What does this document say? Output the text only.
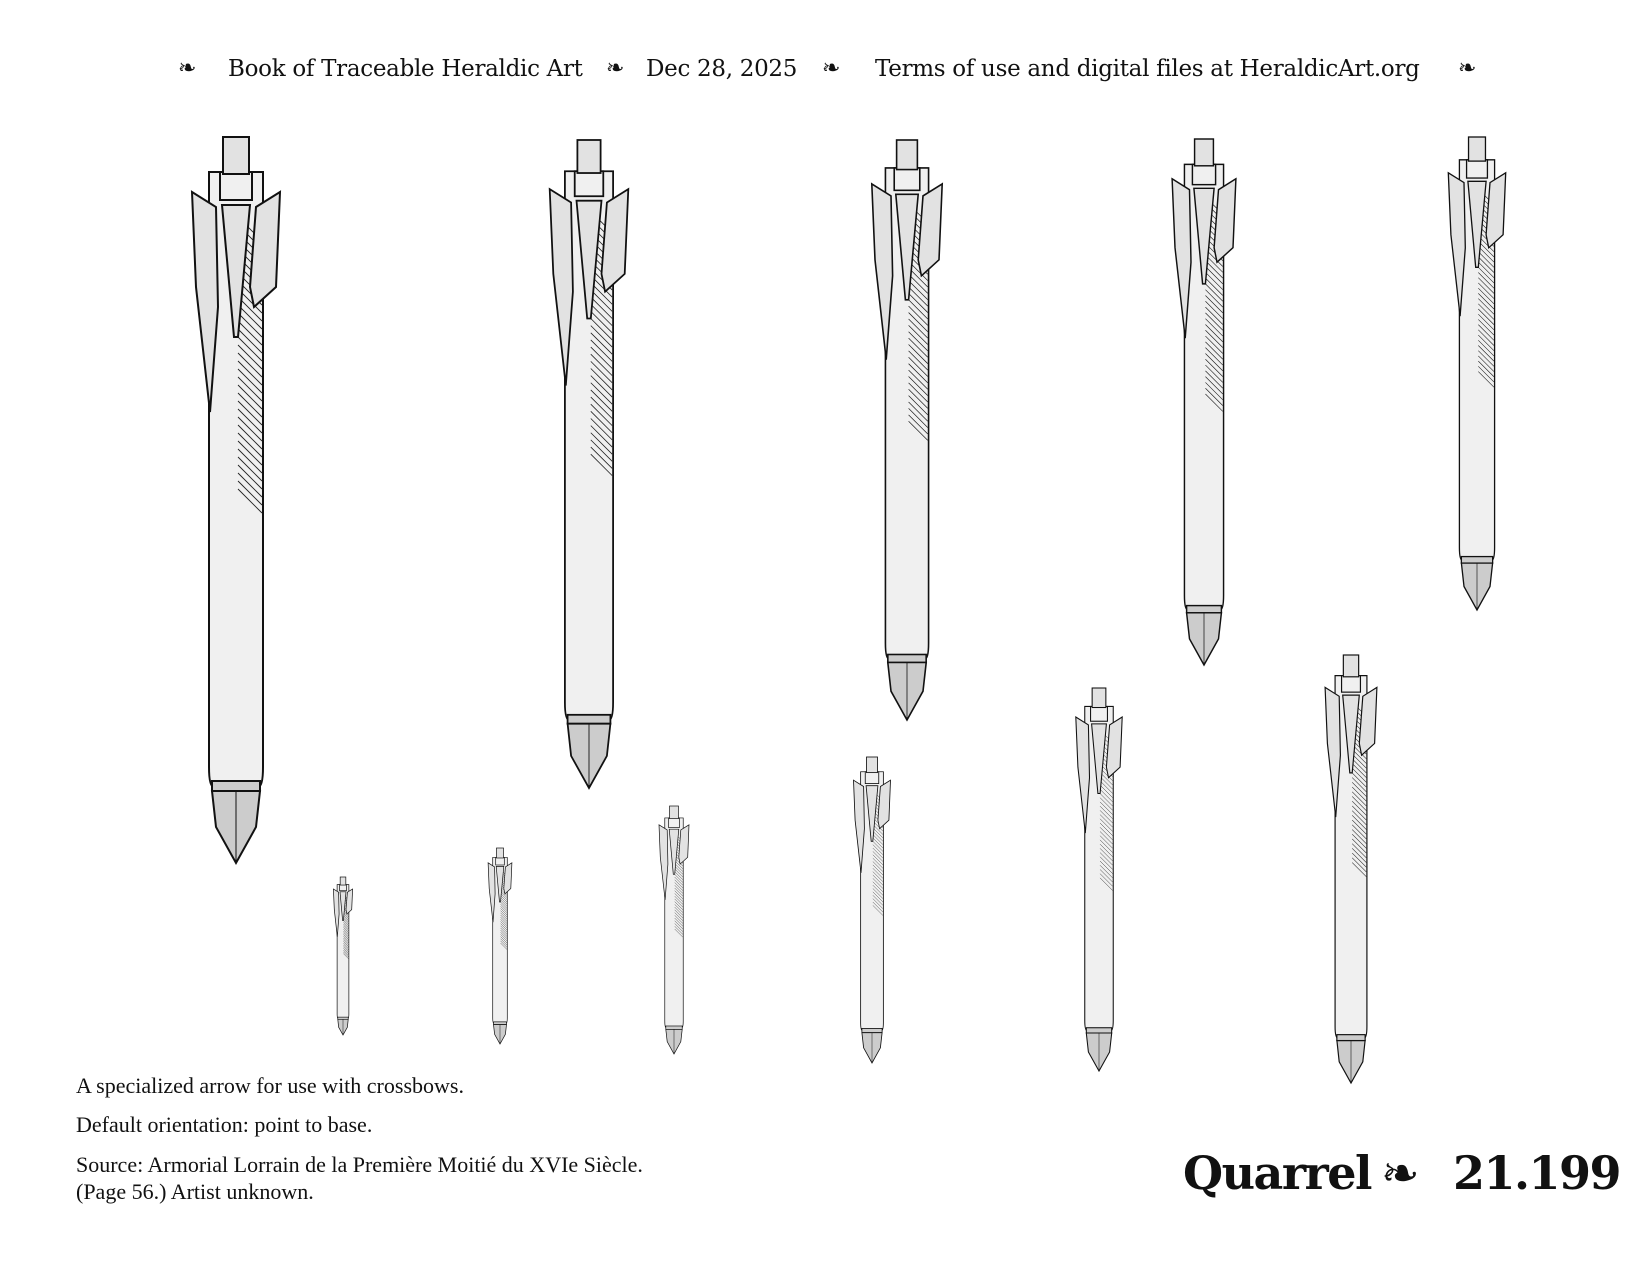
❧ Book of Traceable Heraldic Art ❧ Dec 28, 2025 ❧ Terms of use and digital files at HeraldicArt.org ❧
A specialized arrow for use with crossbows.
Default orientation: point to base.
Source: Armorial Lorrain de la Première Moitié du XVIe Siècle.
(Page 56.) Artist unknown.	Quarrel ❧ 21.199
